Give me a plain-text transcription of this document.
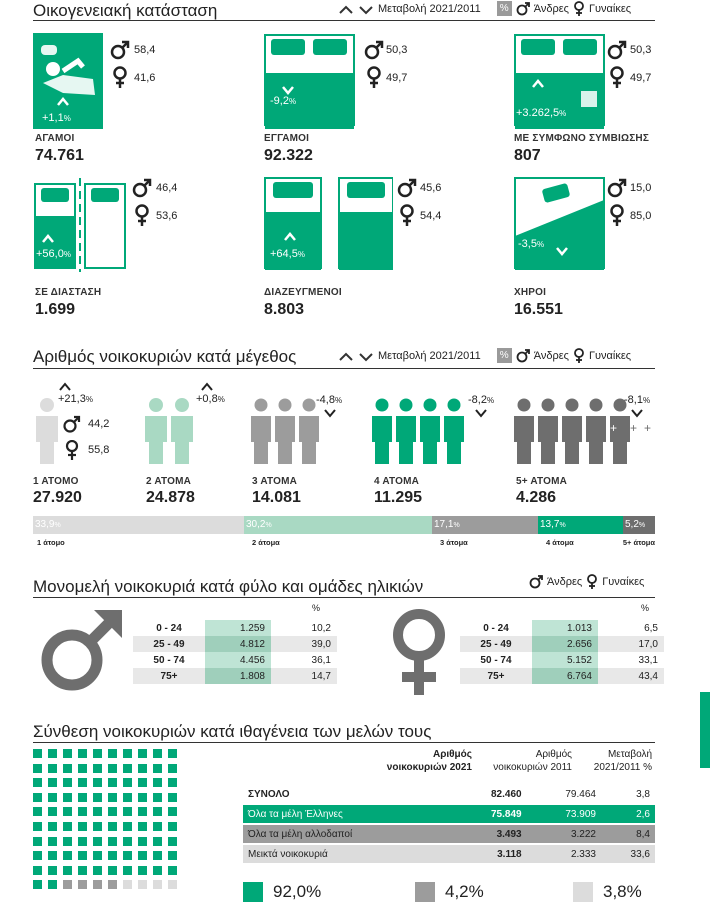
Οικογενειακή κατάσταση	Μεταβολή 2021/2011	% Άνδρες Γυναίκες
+1,1%
58,4
41,6
ΑΓΑΜΟΙ
74.761
-9,2%
50,3
49,7
ΕΓΓΑΜΟΙ
92.322
+3.262,5%
50,3
49,7
ΜΕ ΣΥΜΦΩΝΟ ΣΥΜΒΙΩΣΗΣ
807
+56,0%
46,4
53,6
ΣΕ ΔΙΑΣΤΑΣΗ
1.699
+64,5%
45,6
54,4
ΔΙΑΖΕΥΓΜΕΝΟΙ
8.803
-3,5%
15,0
85,0
ΧΗΡΟΙ
16.551
Αριθμός νοικοκυριών κατά μέγεθος	Μεταβολή 2021/2011	% Άνδρες Γυναίκες
+21,3%
44,2
55,8
1 ΑΤΟΜΟ
27.920
+0,8%
2 ΑΤΟΜΑ
24.878
-4,8%
3 ΑΤΟΜΑ
14.081
-8,2%
4 ΑΤΟΜΑ
11.295
+ + +
-8,1%
5+ ΑΤΟΜΑ
4.286
33,9%	30,2%	17,1%	13,7%	5,2%
1 άτομο	2 άτομα	3 άτομα	4 άτομα	5+ άτομα
Μονομελή νοικοκυριά κατά φύλο και ομάδες ηλικιών	Άνδρες Γυναίκες
%
0 - 24	1.259	10,2
25 - 49	4.812	39,0
50 - 74	4.456	36,1
75+	1.808	14,7
%
0 - 24	1.013	6,5
25 - 49	2.656	17,0
50 - 74	5.152	33,1
75+	6.764	43,4
Σύνθεση νοικοκυριών κατά ιθαγένεια των μελών τους
Αριθμός νοικοκυριών 2021
Αριθμός νοικοκυριών 2011
Μεταβολή 2021/2011 %
ΣΥΝΟΛΟ	82.460	79.464	3,8
Όλα τα μέλη Έλληνες	75.849	73.909	2,6
Όλα τα μέλη αλλοδαποί	3.493	3.222	8,4
Μεικτά νοικοκυριά	3.118	2.333	33,6
92,0%	4,2%	3,8%
